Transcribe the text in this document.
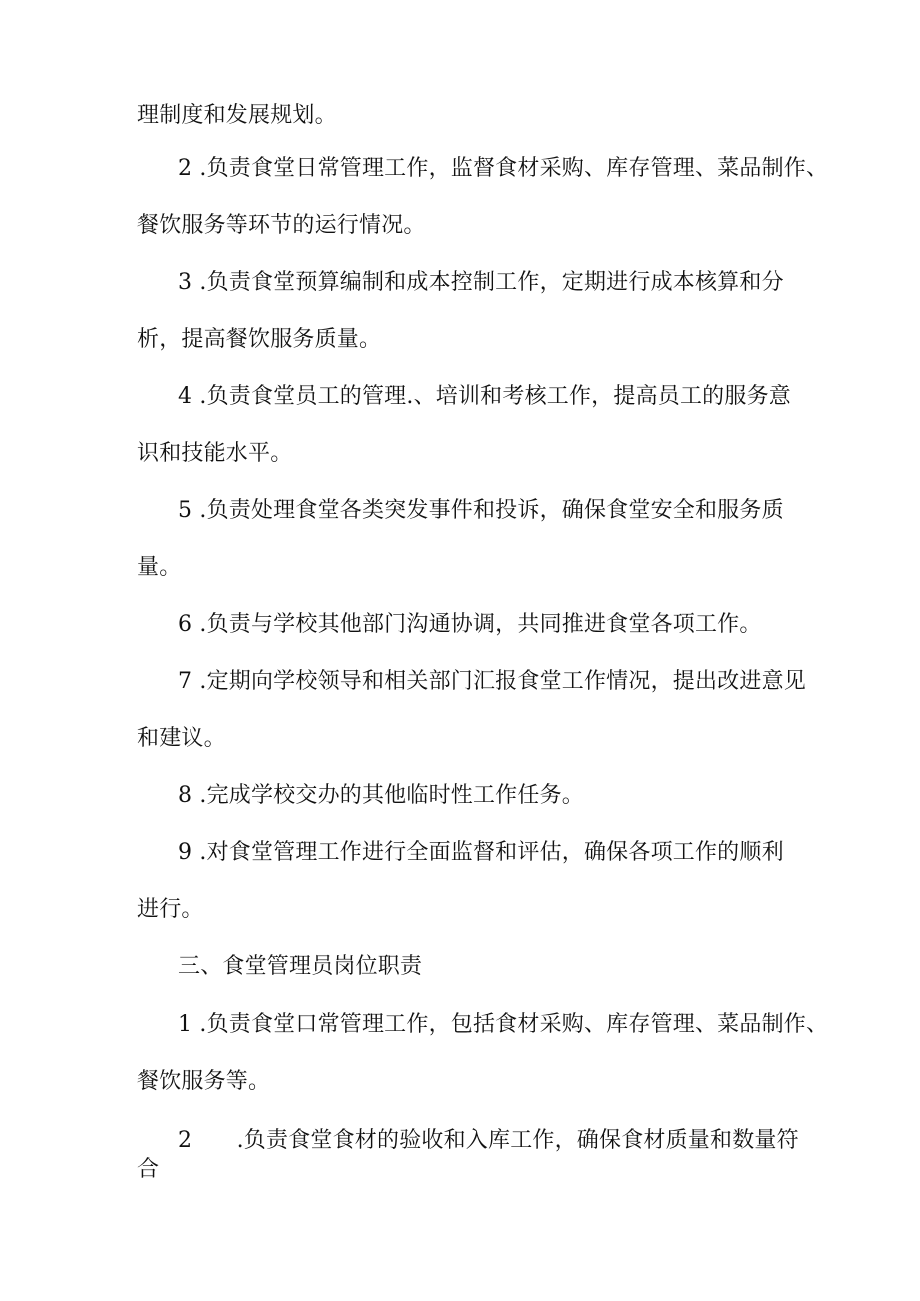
理制度和发展规划。
2 .负责食堂日常管理工作，监督食材采购、库存管理、菜品制作、
餐饮服务等环节的运行情况。
3 .负责食堂预算编制和成本控制工作，定期进行成本核算和分
析，提高餐饮服务质量。
4 .负责食堂员工的管理.、培训和考核工作，提高员工的服务意
识和技能水平。
5 .负责处理食堂各类突发事件和投诉，确保食堂安全和服务质
量。
6 .负责与学校其他部门沟通协调，共同推进食堂各项工作。
7 .定期向学校领导和相关部门汇报食堂工作情况，提出改进意见
和建议。
8 .完成学校交办的其他临时性工作任务。
9 .对食堂管理工作进行全面监督和评估，确保各项工作的顺利
进行。
三、食堂管理员岗位职责
1 .负责食堂口常管理工作，包括食材采购、库存管理、菜品制作、
餐饮服务等。
2　　.负责食堂食材的验收和入库工作，确保食材质量和数量符
合
